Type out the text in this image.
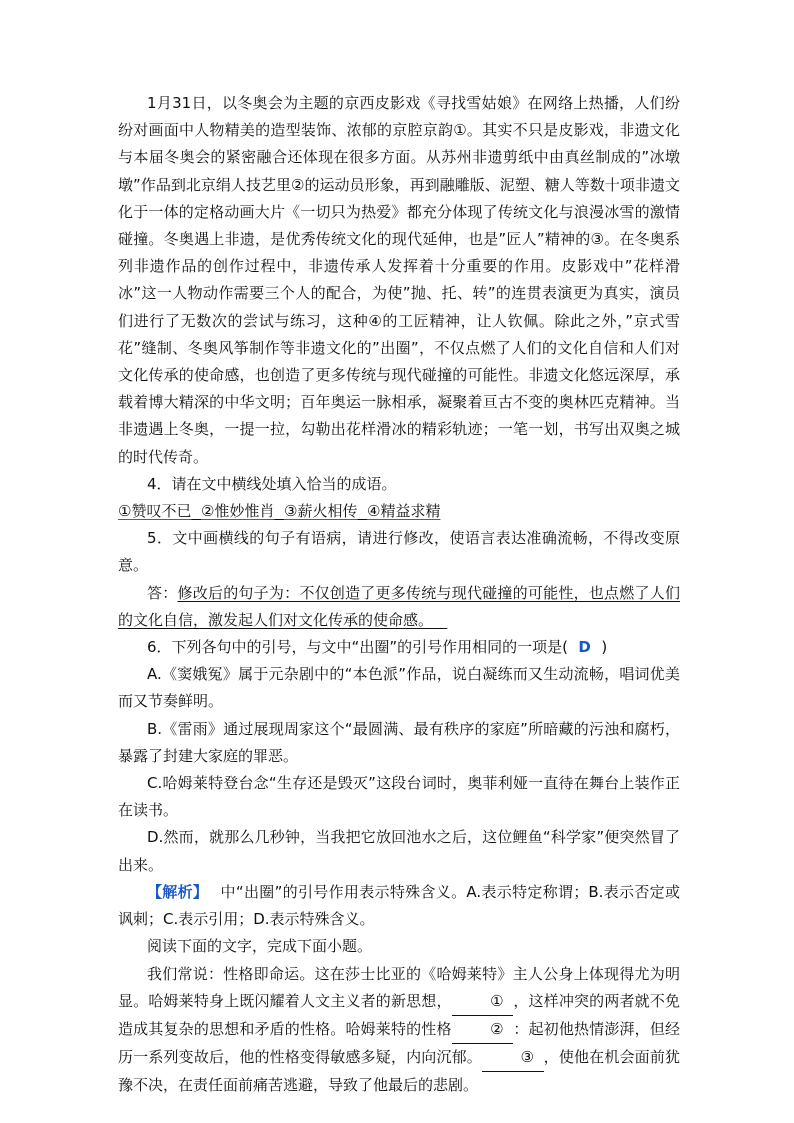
1月31日，以冬奥会为主题的京西皮影戏《寻找雪姑娘》在网络上热播，人们纷纷对画面中人物精美的造型装饰、浓郁的京腔京韵①。其实不只是皮影戏，非遗文化与本届冬奥会的紧密融合还体现在很多方面。从苏州非遗剪纸中由真丝制成的”冰墩墩”作品到北京绢人技艺里②的运动员形象，再到融雕版、泥塑、糖人等数十项非遗文化于一体的定格动画大片《一切只为热爱》都充分体现了传统文化与浪漫冰雪的激情碰撞。冬奥遇上非遗，是优秀传统文化的现代延伸，也是”匠人”精神的③。在冬奥系列非遗作品的创作过程中，非遗传承人发挥着十分重要的作用。皮影戏中”花样滑冰”这一人物动作需要三个人的配合，为使”抛、托、转”的连贯表演更为真实，演员们进行了无数次的尝试与练习，这种④的工匠精神，让人钦佩。除此之外，”京式雪花”缝制、冬奥风筝制作等非遗文化的”出圈”，不仅点燃了人们的文化自信和人们对文化传承的使命感，也创造了更多传统与现代碰撞的可能性。非遗文化悠远深厚，承载着博大精深的中华文明；百年奥运一脉相承，凝聚着亘古不变的奥林匹克精神。当非遗遇上冬奥，一提一拉，勾勒出花样滑冰的精彩轨迹；一笔一划，书写出双奥之城的时代传奇。

4．请在文中横线处填入恰当的成语。

①赞叹不已 ②惟妙惟肖 ③薪火相传 ④精益求精

5．文中画横线的句子有语病，请进行修改，使语言表达准确流畅，不得改变原意。

答：修改后的句子为：不仅创造了更多传统与现代碰撞的可能性，也点燃了人们的文化自信，激发起人们对文化传承的使命感。

6．下列各句中的引号，与文中“出圈”的引号作用相同的一项是( D )

A.《窦娥冤》属于元杂剧中的“本色派”作品，说白凝练而又生动流畅，唱词优美而又节奏鲜明。

B.《雷雨》通过展现周家这个“最圆满、最有秩序的家庭”所暗藏的污浊和腐朽，暴露了封建大家庭的罪恶。

C.哈姆莱特登台念“生存还是毁灭”这段台词时，奥菲利娅一直待在舞台上装作正在读书。

D.然而，就那么几秒钟，当我把它放回池水之后，这位鲤鱼“科学家”便突然冒了出来。

【解析】 中“出圈”的引号作用表示特殊含义。A.表示特定称谓；B.表示否定或讽刺；C.表示引用；D.表示特殊含义。

阅读下面的文字，完成下面小题。

我们常说：性格即命运。这在莎士比亚的《哈姆莱特》主人公身上体现得尤为明显。哈姆莱特身上既闪耀着人文主义者的新思想，	① ，这样冲突的两者就不免造成其复杂的思想和矛盾的性格。哈姆莱特的性格	② ：起初他热情澎湃，但经历一系列变故后，他的性格变得敏感多疑，内向沉郁。	③ ，使他在机会面前犹豫不决，在责任面前痛苦逃避，导致了他最后的悲剧。
